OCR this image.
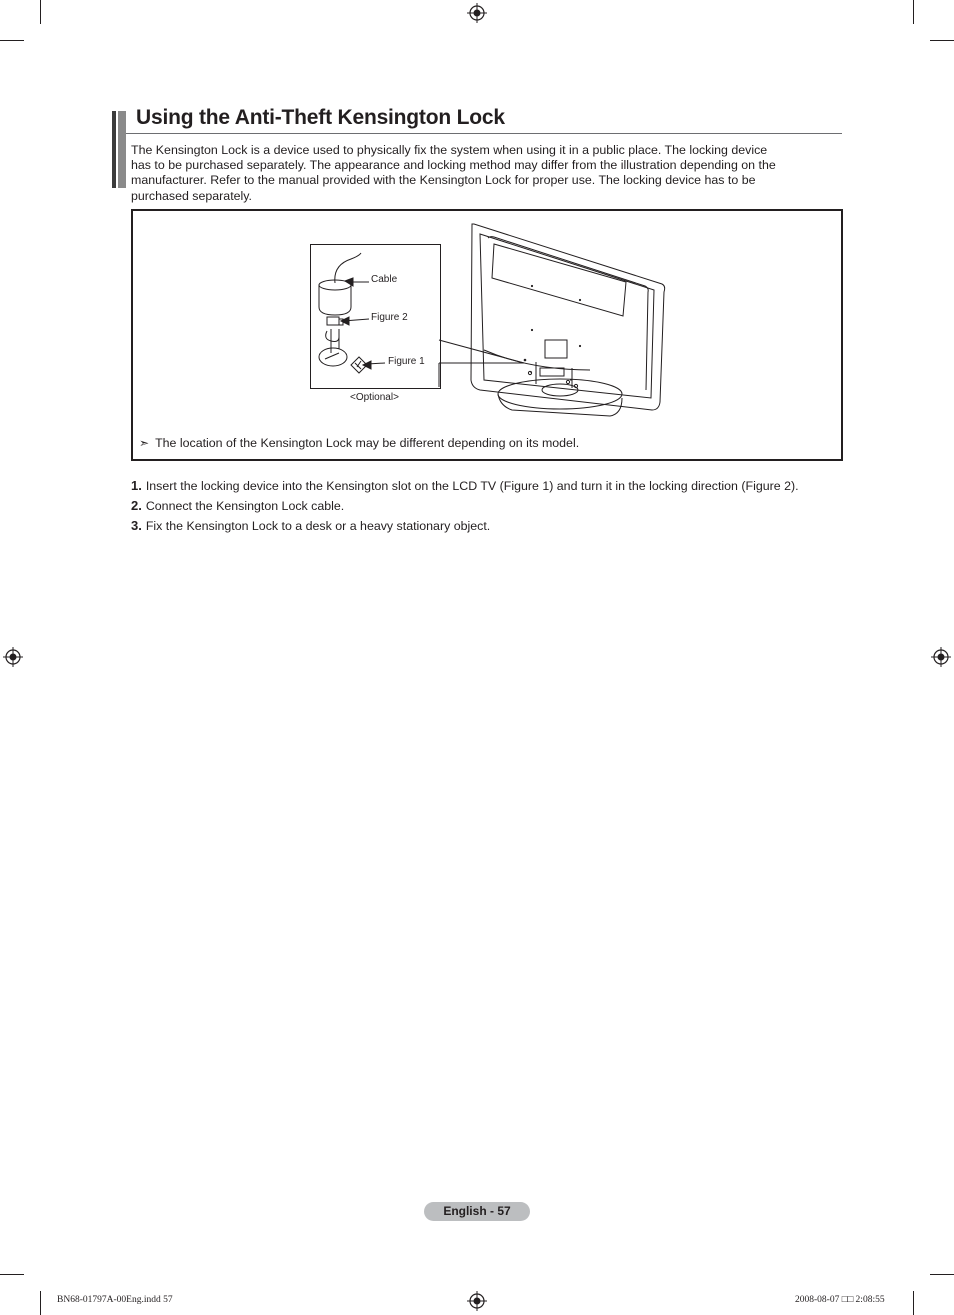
Using the Anti-Theft Kensington Lock

The Kensington Lock is a device used to physically fix the system when using it in a public place. The locking device

has to be purchased separately. The appearance and locking method may differ from the illustration depending on the

manufacturer. Refer to the manual provided with the Kensington Lock for proper use. The locking device has to be

purchased separately.

Cable
Figure 2
Figure 1
<Optional>
➣ The location of the Kensington Lock may be different depending on its model.
1. Insert the locking device into the Kensington slot on the LCD TV (Figure 1) and turn it in the locking direction (Figure 2).
2. Connect the Kensington Lock cable.
3. Fix the Kensington Lock to a desk or a heavy stationary object.
English - 57
BN68-01797A-00Eng.indd 57	2008-08-07 □□ 2:08:55
